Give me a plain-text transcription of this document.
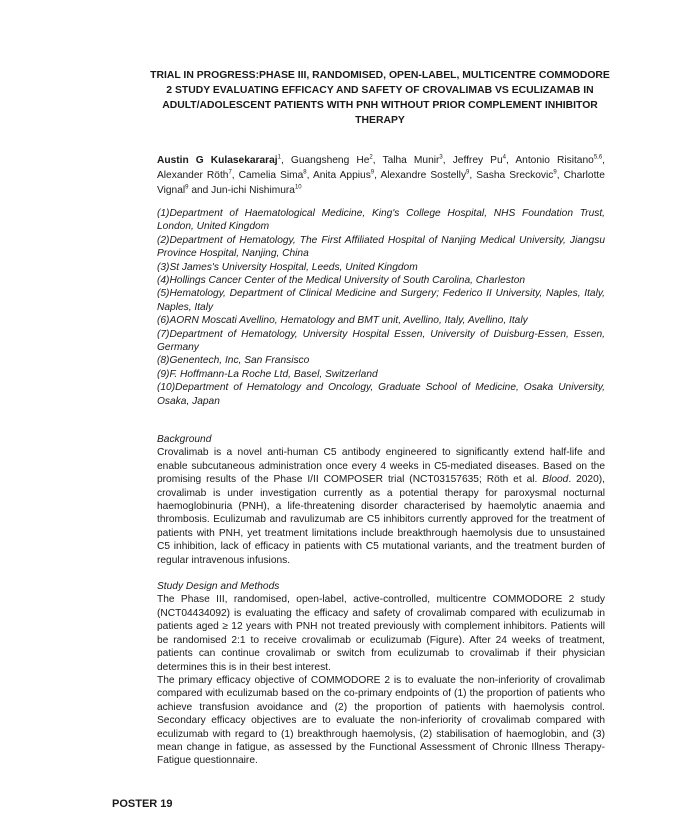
TRIAL IN PROGRESS:PHASE III, RANDOMISED, OPEN-LABEL, MULTICENTRE COMMODORE 2 STUDY EVALUATING EFFICACY AND SAFETY OF CROVALIMAB VS ECULIZAMAB IN ADULT/ADOLESCENT PATIENTS WITH PNH WITHOUT PRIOR COMPLEMENT INHIBITOR THERAPY
Austin G Kulasekararaj$^1$, Guangsheng He$^2$, Talha Munir$^3$, Jeffrey Pu$^4$, Antonio Risitano$^{5,6}$, Alexander Röth$^7$, Camelia Sima$^8$, Anita Appius$^9$, Alexandre Sostelly$^9$, Sasha Sreckovic$^9$, Charlotte Vignal$^9$ and Jun-ichi Nishimura$^{10}$
(1)Department of Haematological Medicine, King's College Hospital, NHS Foundation Trust, London, United Kingdom
(2)Department of Hematology, The First Affiliated Hospital of Nanjing Medical University, Jiangsu Province Hospital, Nanjing, China
(3)St James's University Hospital, Leeds, United Kingdom
(4)Hollings Cancer Center of the Medical University of South Carolina, Charleston
(5)Hematology, Department of Clinical Medicine and Surgery; Federico II University, Naples, Italy, Naples, Italy
(6)AORN Moscati Avellino, Hematology and BMT unit, Avellino, Italy, Avellino, Italy
(7)Department of Hematology, University Hospital Essen, University of Duisburg-Essen, Essen, Germany
(8)Genentech, Inc, San Fransisco
(9)F. Hoffmann-La Roche Ltd, Basel, Switzerland
(10)Department of Hematology and Oncology, Graduate School of Medicine, Osaka University, Osaka, Japan
Background

Crovalimab is a novel anti-human C5 antibody engineered to significantly extend half-life and enable subcutaneous administration once every 4 weeks in C5-mediated diseases. Based on the promising results of the Phase I/II COMPOSER trial (NCT03157635; Röth et al. Blood. 2020), crovalimab is under investigation currently as a potential therapy for paroxysmal nocturnal haemoglobinuria (PNH), a life-threatening disorder characterised by haemolytic anaemia and thrombosis. Eculizumab and ravulizumab are C5 inhibitors currently approved for the treatment of patients with PNH, yet treatment limitations include breakthrough haemolysis due to unsustained C5 inhibition, lack of efficacy in patients with C5 mutational variants, and the treatment burden of regular intravenous infusions.

Study Design and Methods

The Phase III, randomised, open-label, active-controlled, multicentre COMMODORE 2 study (NCT04434092) is evaluating the efficacy and safety of crovalimab compared with eculizumab in patients aged ≥ 12 years with PNH not treated previously with complement inhibitors. Patients will be randomised 2:1 to receive crovalimab or eculizumab (Figure). After 24 weeks of treatment, patients can continue crovalimab or switch from eculizumab to crovalimab if their physician determines this is in their best interest.

The primary efficacy objective of COMMODORE 2 is to evaluate the non-inferiority of crovalimab compared with eculizumab based on the co-primary endpoints of (1) the proportion of patients who achieve transfusion avoidance and (2) the proportion of patients with haemolysis control. Secondary efficacy objectives are to evaluate the non-inferiority of crovalimab compared with eculizumab with regard to (1) breakthrough haemolysis, (2) stabilisation of haemoglobin, and (3) mean change in fatigue, as assessed by the Functional Assessment of Chronic Illness Therapy-Fatigue questionnaire.

POSTER 19
